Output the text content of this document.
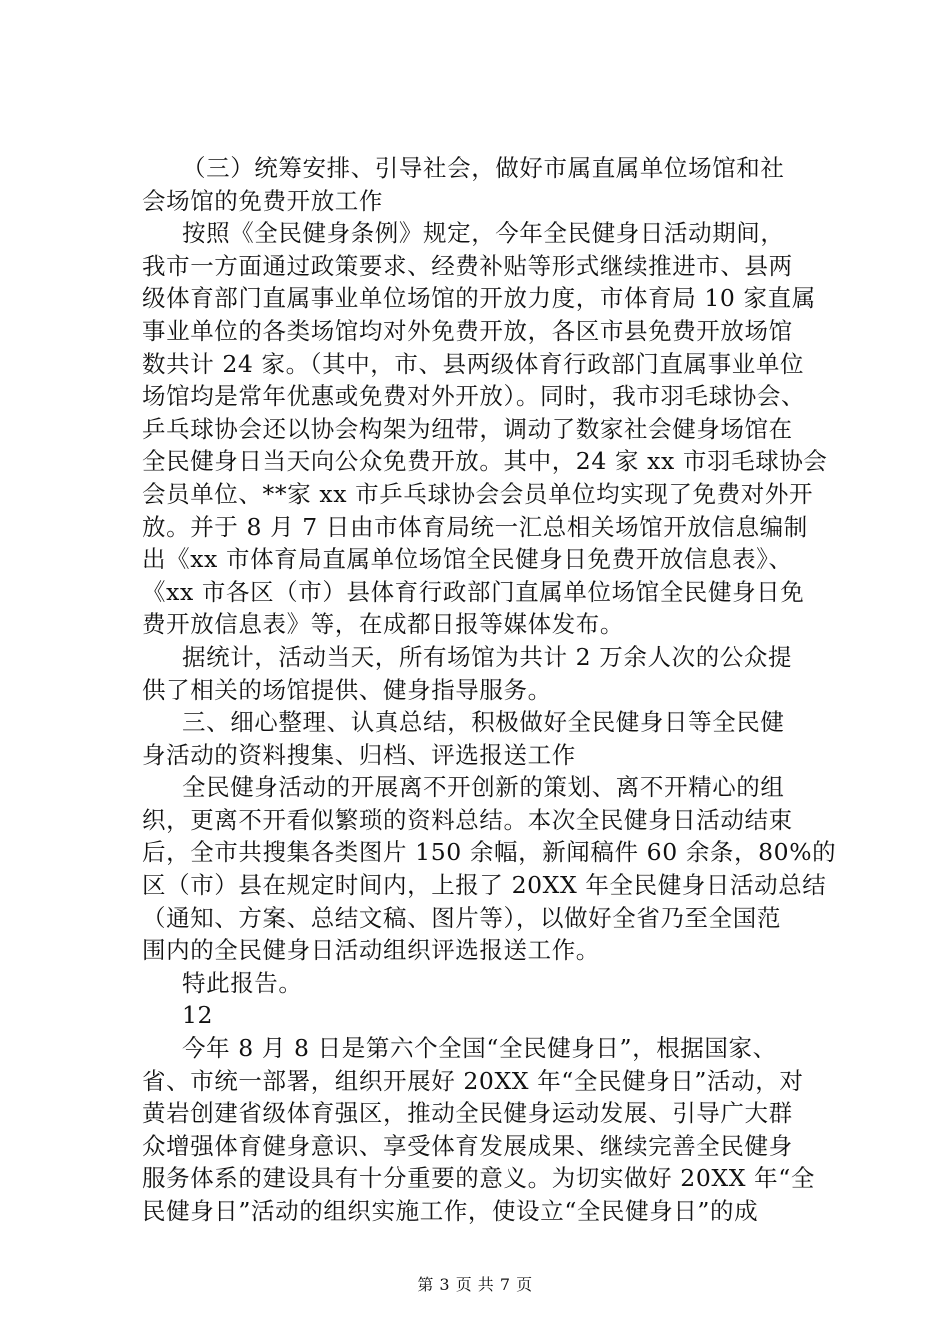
（三）统筹安排、引导社会，做好市属直属单位场馆和社
会场馆的免费开放工作
按照《全民健身条例》规定，今年全民健身日活动期间，
我市一方面通过政策要求、经费补贴等形式继续推进市、县两
级体育部门直属事业单位场馆的开放力度，市体育局 10 家直属
事业单位的各类场馆均对外免费开放，各区市县免费开放场馆
数共计 24 家。（其中，市、县两级体育行政部门直属事业单位
场馆均是常年优惠或免费对外开放）。同时，我市羽毛球协会、
乒乓球协会还以协会构架为纽带，调动了数家社会健身场馆在
全民健身日当天向公众免费开放。其中，24 家 xx 市羽毛球协会
会员单位、**家 xx 市乒乓球协会会员单位均实现了免费对外开
放。并于 8 月 7 日由市体育局统一汇总相关场馆开放信息编制
出《xx 市体育局直属单位场馆全民健身日免费开放信息表》、
《xx 市各区（市）县体育行政部门直属单位场馆全民健身日免
费开放信息表》等，在成都日报等媒体发布。
据统计，活动当天，所有场馆为共计 2 万余人次的公众提
供了相关的场馆提供、健身指导服务。
三、细心整理、认真总结，积极做好全民健身日等全民健
身活动的资料搜集、归档、评选报送工作
全民健身活动的开展离不开创新的策划、离不开精心的组
织，更离不开看似繁琐的资料总结。本次全民健身日活动结束
后，全市共搜集各类图片 150 余幅，新闻稿件 60 余条，80%的
区（市）县在规定时间内，上报了 20XX 年全民健身日活动总结
（通知、方案、总结文稿、图片等），以做好全省乃至全国范
围内的全民健身日活动组织评选报送工作。
特此报告。
12
今年 8 月 8 日是第六个全国“全民健身日”，根据国家、
省、市统一部署，组织开展好 20XX 年“全民健身日”活动，对
黄岩创建省级体育强区，推动全民健身运动发展、引导广大群
众增强体育健身意识、享受体育发展成果、继续完善全民健身
服务体系的建设具有十分重要的意义。为切实做好 20XX 年“全
民健身日”活动的组织实施工作，使设立“全民健身日”的成
第 3 页 共 7 页
